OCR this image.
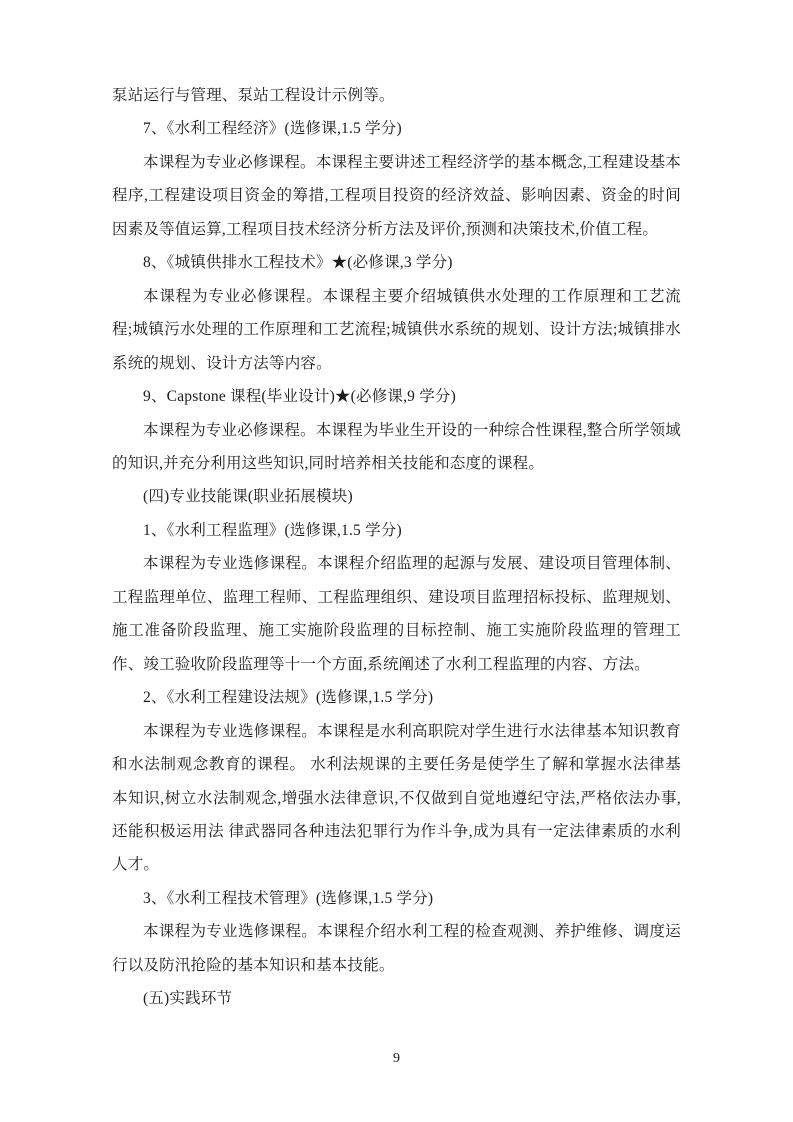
泵站运行与管理、泵站工程设计示例等。

7、《水利工程经济》(选修课,1.5 学分)

本课程为专业必修课程。本课程主要讲述工程经济学的基本概念,工程建设基本程序,工程建设项目资金的筹措,工程项目投资的经济效益、影响因素、资金的时间因素及等值运算,工程项目技术经济分析方法及评价,预测和决策技术,价值工程。

8、《城镇供排水工程技术》★(必修课,3 学分)

本课程为专业必修课程。本课程主要介绍城镇供水处理的工作原理和工艺流程;城镇污水处理的工作原理和工艺流程;城镇供水系统的规划、设计方法;城镇排水系统的规划、设计方法等内容。

9、Capstone 课程(毕业设计)★(必修课,9 学分)

本课程为专业必修课程。本课程为毕业生开设的一种综合性课程,整合所学领域的知识,并充分利用这些知识,同时培养相关技能和态度的课程。

(四)专业技能课(职业拓展模块)

1、《水利工程监理》(选修课,1.5 学分)

本课程为专业选修课程。本课程介绍监理的起源与发展、建设项目管理体制、工程监理单位、监理工程师、工程监理组织、建设项目监理招标投标、监理规划、施工准备阶段监理、施工实施阶段监理的目标控制、施工实施阶段监理的管理工作、竣工验收阶段监理等十一个方面,系统阐述了水利工程监理的内容、方法。

2、《水利工程建设法规》(选修课,1.5 学分)

本课程为专业选修课程。本课程是水利高职院对学生进行水法律基本知识教育和水法制观念教育的课程。 水利法规课的主要任务是使学生了解和掌握水法律基本知识,树立水法制观念,增强水法律意识,不仅做到自觉地遵纪守法,严格依法办事,还能积极运用法 律武器同各种违法犯罪行为作斗争,成为具有一定法律素质的水利人才。

3、《水利工程技术管理》(选修课,1.5 学分)

本课程为专业选修课程。本课程介绍水利工程的检查观测、养护维修、调度运行以及防汛抢险的基本知识和基本技能。

(五)实践环节

9
